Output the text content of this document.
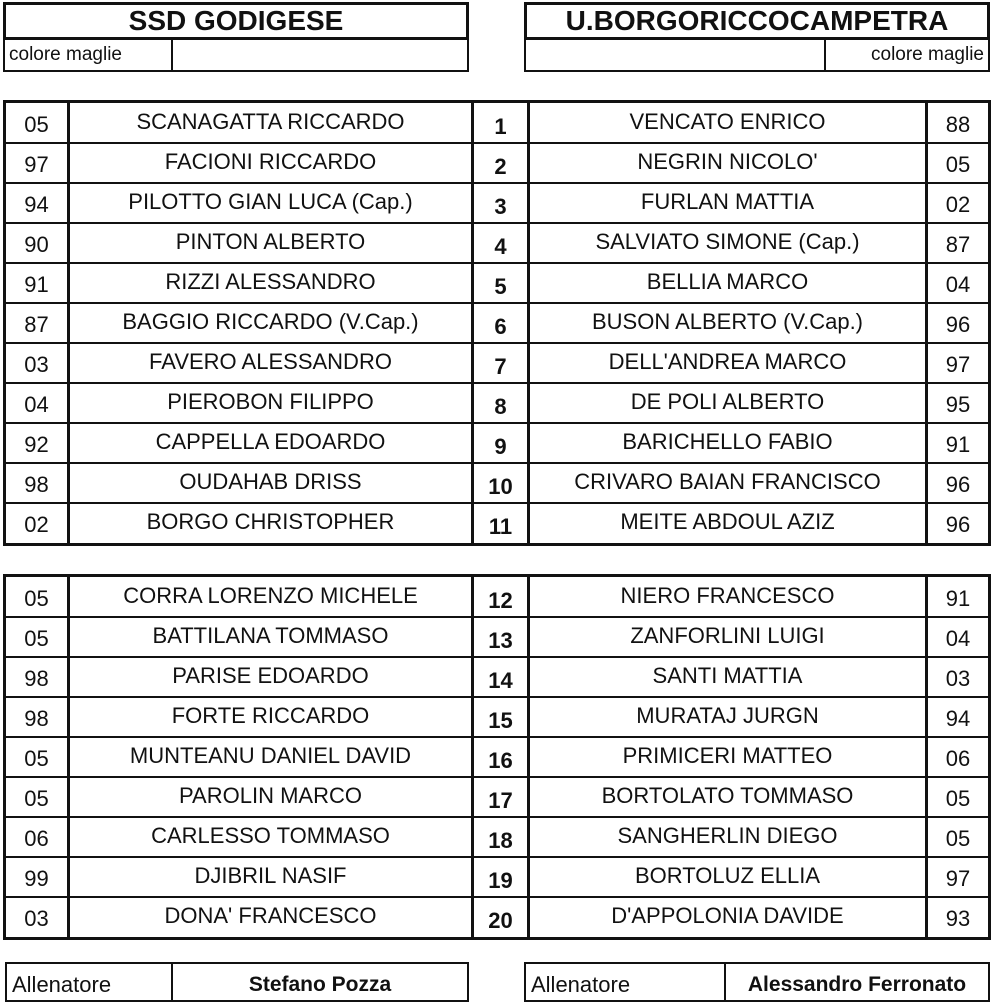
SSD GODIGESE
colore maglie
U.BORGORICCOCAMPETRA
colore maglie
05	SCANAGATTA RICCARDO	1	VENCATO ENRICO	88
97	FACIONI RICCARDO	2	NEGRIN NICOLO'	05
94	PILOTTO GIAN LUCA (Cap.)	3	FURLAN MATTIA	02
90	PINTON ALBERTO	4	SALVIATO SIMONE (Cap.)	87
91	RIZZI ALESSANDRO	5	BELLIA MARCO	04
87	BAGGIO RICCARDO (V.Cap.)	6	BUSON ALBERTO (V.Cap.)	96
03	FAVERO ALESSANDRO	7	DELL'ANDREA MARCO	97
04	PIEROBON FILIPPO	8	DE POLI ALBERTO	95
92	CAPPELLA EDOARDO	9	BARICHELLO FABIO	91
98	OUDAHAB DRISS	10	CRIVARO BAIAN FRANCISCO	96
02	BORGO CHRISTOPHER	11	MEITE ABDOUL AZIZ	96
05	CORRA LORENZO MICHELE	12	NIERO FRANCESCO	91
05	BATTILANA TOMMASO	13	ZANFORLINI LUIGI	04
98	PARISE EDOARDO	14	SANTI MATTIA	03
98	FORTE RICCARDO	15	MURATAJ JURGN	94
05	MUNTEANU DANIEL DAVID	16	PRIMICERI MATTEO	06
05	PAROLIN MARCO	17	BORTOLATO TOMMASO	05
06	CARLESSO TOMMASO	18	SANGHERLIN DIEGO	05
99	DJIBRIL NASIF	19	BORTOLUZ ELLIA	97
03	DONA' FRANCESCO	20	D'APPOLONIA DAVIDE	93
Allenatore	Stefano Pozza	Allenatore	Alessandro Ferronato
